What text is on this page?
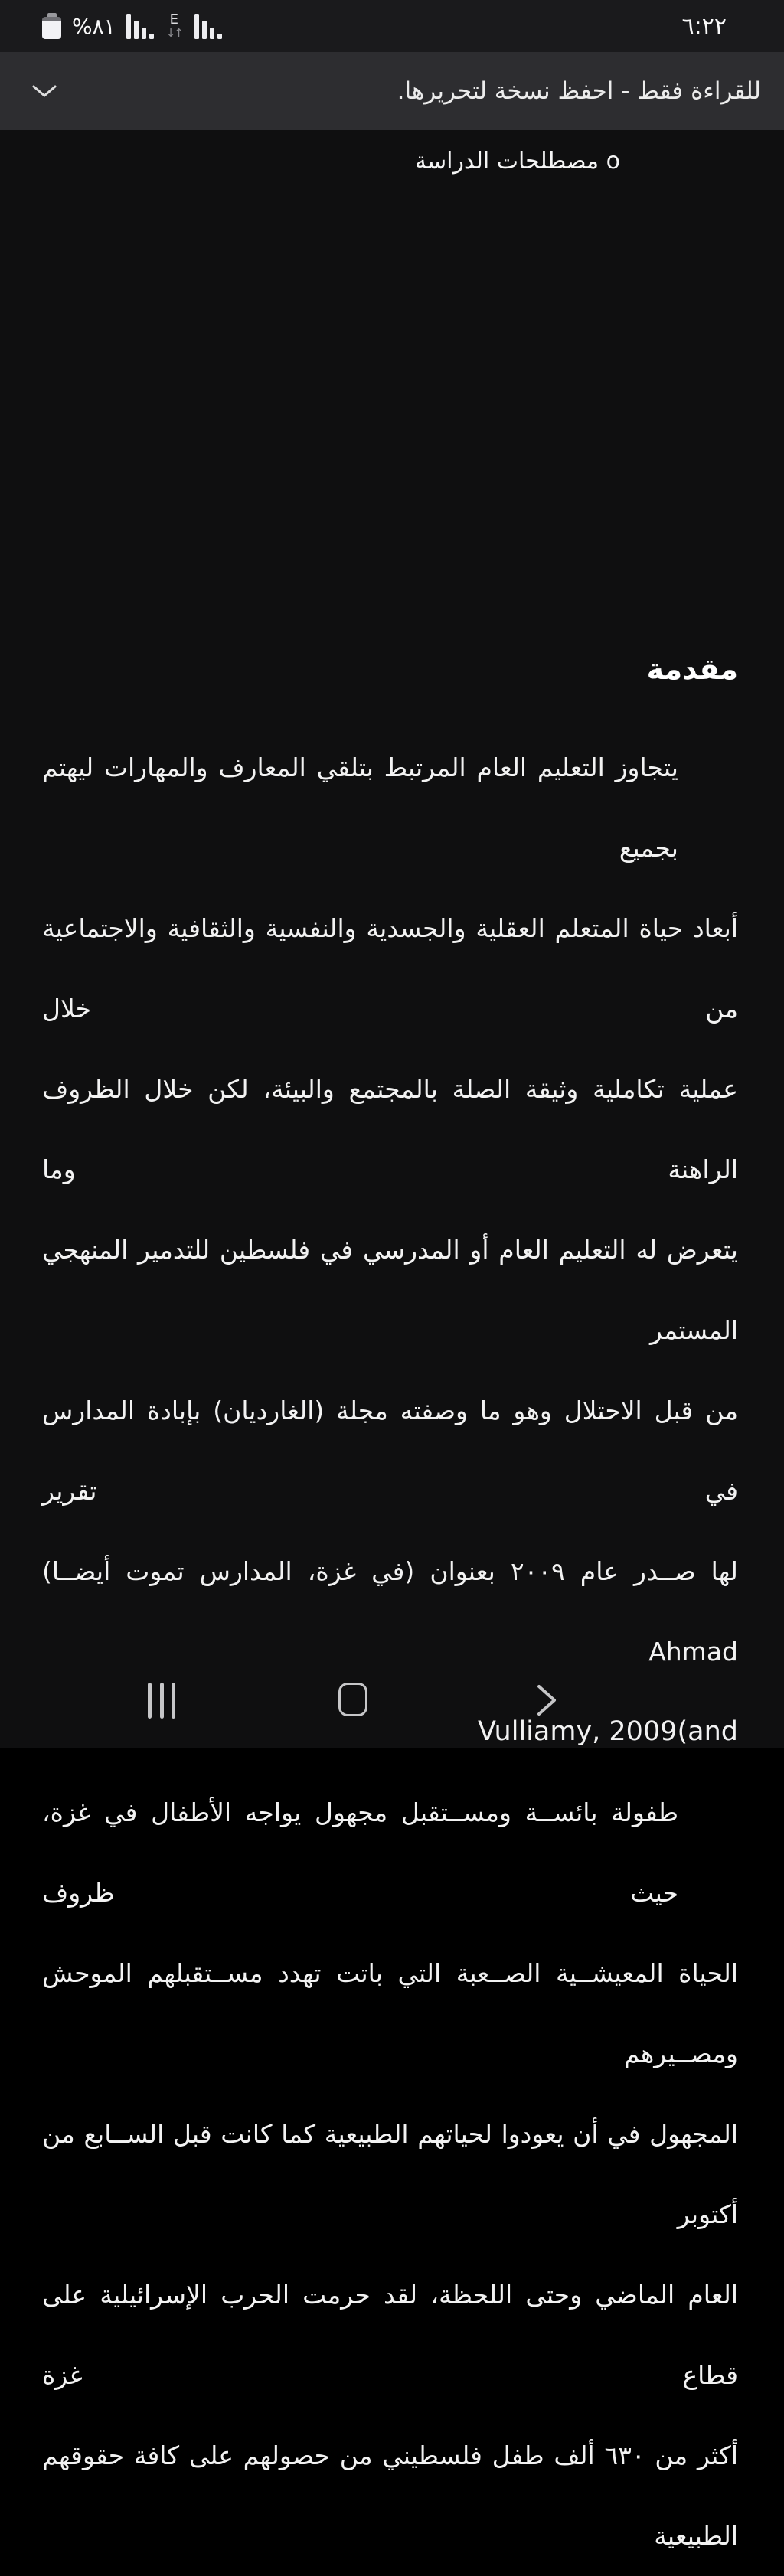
%٨١	E
↓↑	٦:٢٢
للقراءة فقط - احفظ نسخة لتحريرها.
o مصطلحات الدراسة
مقدمة
يتجاوز التعليم العام المرتبط بتلقي المعارف والمهارات ليهتم بجميع
أبعاد حياة المتعلم العقلية والجسدية والنفسية والثقافية والاجتماعية من خلال
عملية تكاملية وثيقة الصلة بالمجتمع والبيئة، لكن خلال الظروف الراهنة وما
يتعرض له التعليم العام أو المدرسي في فلسطين للتدمير المنهجي المستمر
من قبل الاحتلال وهو ما وصفته مجلة (الغارديان) بإبادة المدارس في تقرير
لها صــدر عام ٢٠٠٩ بعنوان (في غزة، المدارس تموت أيضــا) Ahmad
Vulliamy, 2009(and
طفولة بائســة ومســتقبل مجهول يواجه الأطفال في غزة، حيث ظروف
الحياة المعيشــية الصــعبة التي باتت تهدد مســتقبلهم الموحش ومصــيرهم
المجهول في أن يعودوا لحياتهم الطبيعية كما كانت قبل الســابع من أكتوبر
العام الماضي وحتى اللحظة، لقد حرمت الحرب الإسرائيلية على قطاع غزة
أكثر من ٦٣٠ ألف طفل فلسطيني من حصولهم على كافة حقوقهم الطبيعية
